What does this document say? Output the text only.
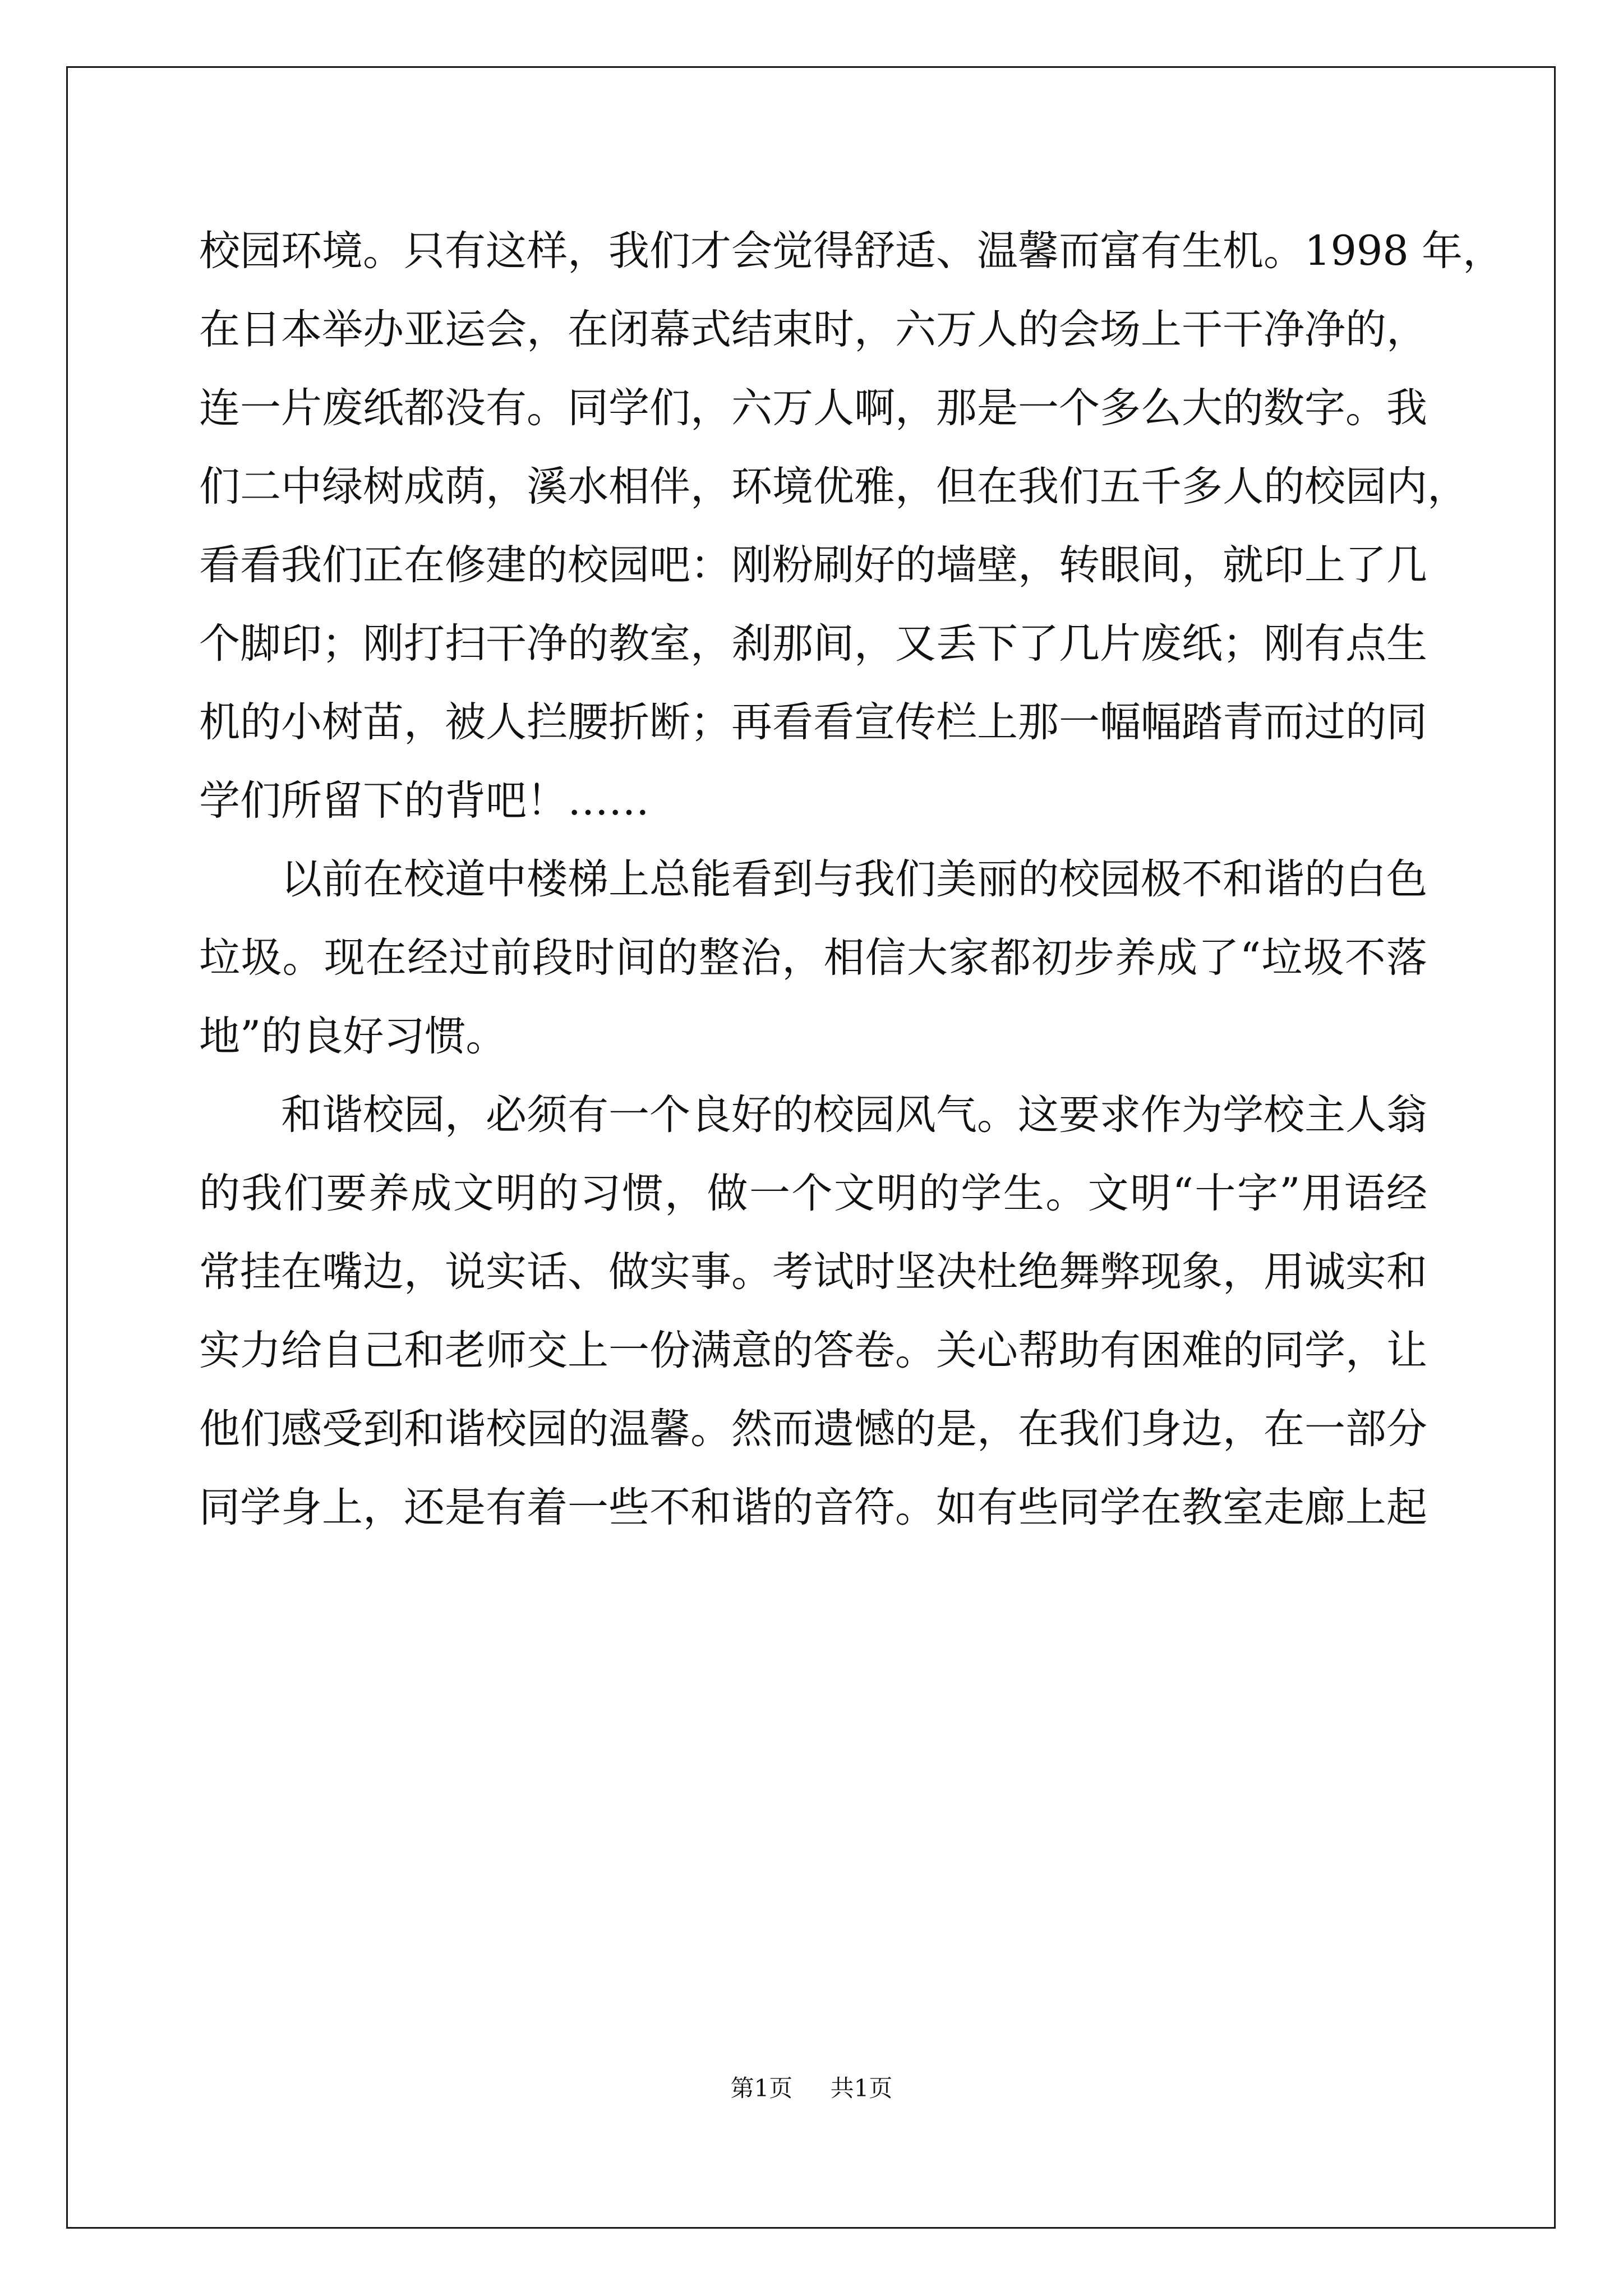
校园环境。只有这样，我们才会觉得舒适、温馨而富有生机。1998 年，
在日本举办亚运会，在闭幕式结束时，六万人的会场上干干净净的，
连一片废纸都没有。同学们，六万人啊，那是一个多么大的数字。我
们二中绿树成荫，溪水相伴，环境优雅，但在我们五千多人的校园内，
看看我们正在修建的校园吧：刚粉刷好的墙壁，转眼间，就印上了几
个脚印；刚打扫干净的教室，刹那间，又丢下了几片废纸；刚有点生
机的小树苗，被人拦腰折断；再看看宣传栏上那一幅幅踏青而过的同
学们所留下的背吧！……
以前在校道中楼梯上总能看到与我们美丽的校园极不和谐的白色
垃圾。现在经过前段时间的整治，相信大家都初步养成了“垃圾不落
地”的良好习惯。
和谐校园，必须有一个良好的校园风气。这要求作为学校主人翁
的我们要养成文明的习惯，做一个文明的学生。文明“十字”用语经
常挂在嘴边，说实话、做实事。考试时坚决杜绝舞弊现象，用诚实和
实力给自己和老师交上一份满意的答卷。关心帮助有困难的同学，让
他们感受到和谐校园的温馨。然而遗憾的是，在我们身边，在一部分
同学身上，还是有着一些不和谐的音符。如有些同学在教室走廊上起
第1页 共1页
